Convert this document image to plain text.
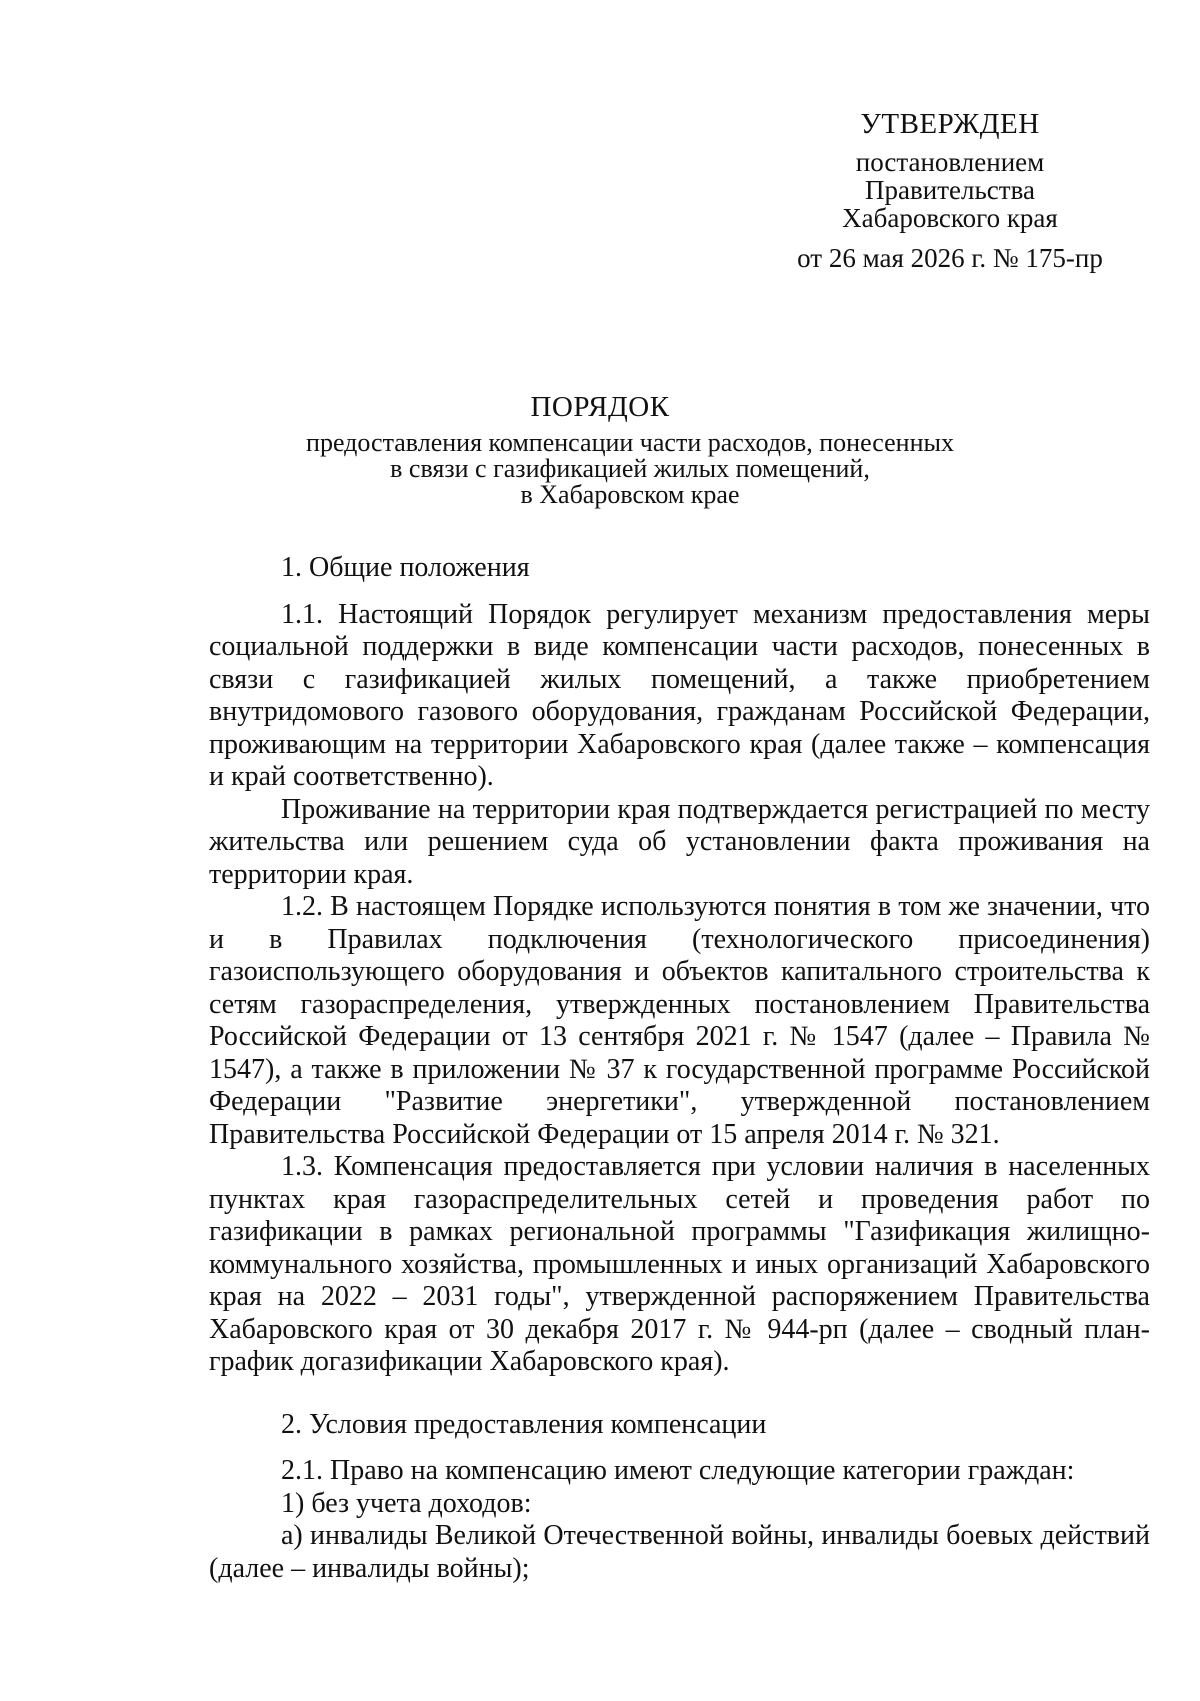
УТВЕРЖДЕН
постановлением
Правительства
Хабаровского края
от 26 мая 2026 г. № 175-пр
ПОРЯДОК
предоставления компенсации части расходов, понесенных
в связи с газификацией жилых помещений,
в Хабаровском крае

1. Общие положения

1.1. Настоящий Порядок регулирует механизм предоставления меры социальной поддержки в виде компенсации части расходов, понесенных в связи с газификацией жилых помещений, а также приобретением внутридомового газового оборудования, гражданам Российской Федерации, проживающим на территории Хабаровского края (далее также – компенсация и край соответственно).

Проживание на территории края подтверждается регистрацией по месту жительства или решением суда об установлении факта проживания на территории края.

1.2. В настоящем Порядке используются понятия в том же значении, что и в Правилах подключения (технологического присоединения) газоиспользующего оборудования и объектов капитального строительства к сетям газораспределения, утвержденных постановлением Правительства Российской Федерации от 13 сентября 2021 г. № 1547 (далее – Правила № 1547), а также в приложении № 37 к государственной программе Российской Федерации "Развитие энергетики", утвержденной постановлением Правительства Российской Федерации от 15 апреля 2014 г. № 321.

1.3. Компенсация предоставляется при условии наличия в населенных пунктах края газораспределительных сетей и проведения работ по газификации в рамках региональной программы "Газификация жилищно-коммунального хозяйства, промышленных и иных организаций Хабаровского края на 2022 – 2031 годы", утвержденной распоряжением Правительства Хабаровского края от 30 декабря 2017 г. № 944-рп (далее – сводный план-график догазификации Хабаровского края).

2. Условия предоставления компенсации

2.1. Право на компенсацию имеют следующие категории граждан:

1) без учета доходов:

а) инвалиды Великой Отечественной войны, инвалиды боевых действий (далее – инвалиды войны);
